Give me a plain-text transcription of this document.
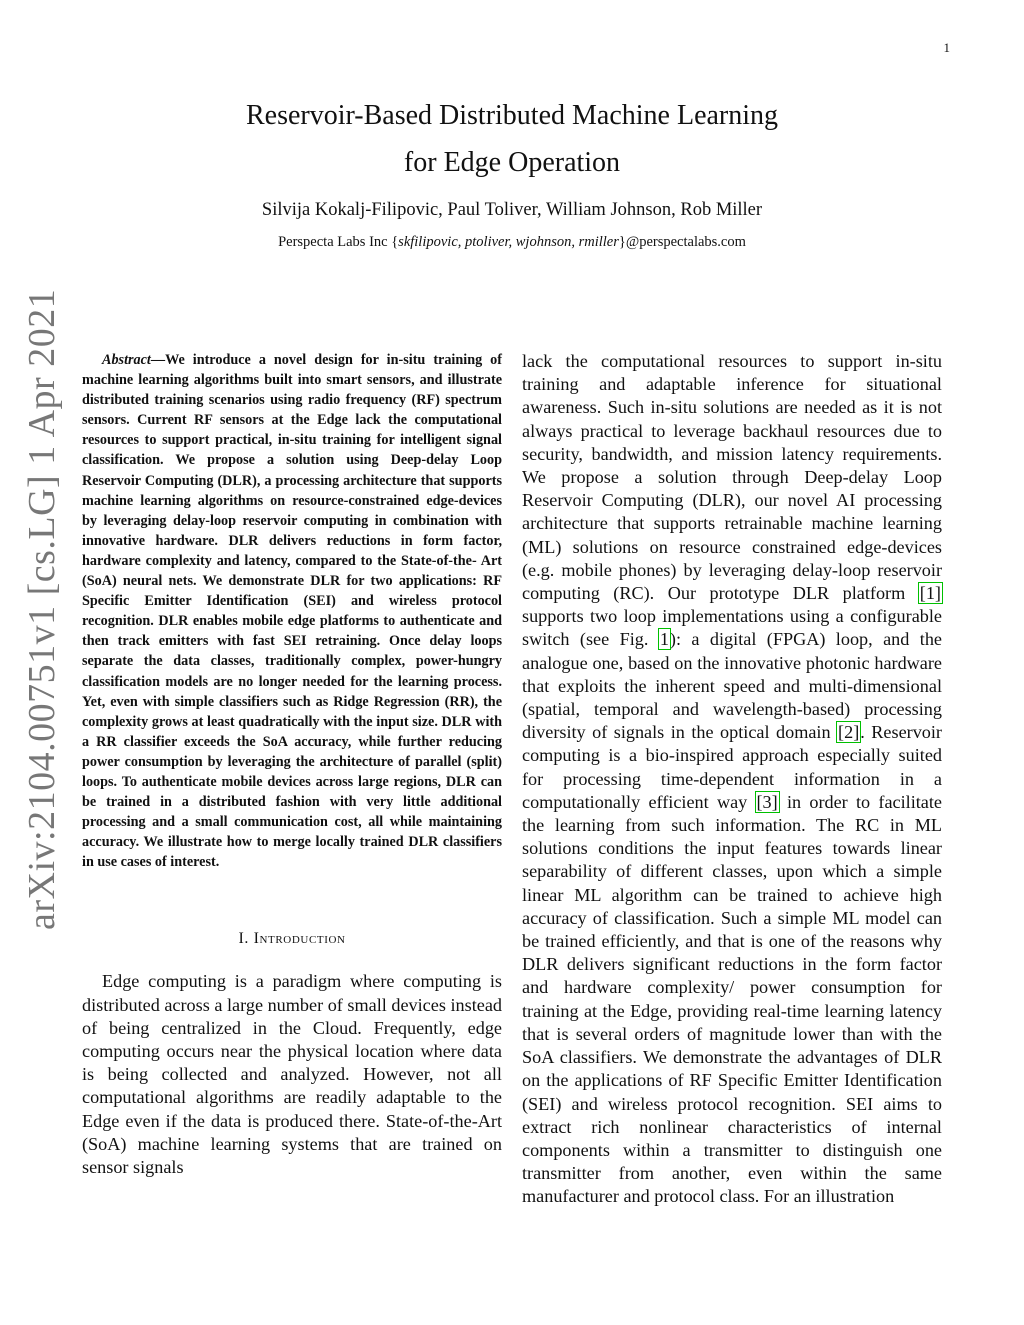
1
arXiv:2104.00751v1 [cs.LG] 1 Apr 2021
Reservoir-Based Distributed Machine Learning
for Edge Operation
Silvija Kokalj-Filipovic, Paul Toliver, William Johnson, Rob Miller
Perspecta Labs Inc {skfilipovic, ptoliver, wjohnson, rmiller}@perspectalabs.com

Abstract—We introduce a novel design for in-situ training of machine learning algorithms built into smart sensors, and illustrate distributed training scenarios using radio frequency (RF) spectrum sensors. Current RF sensors at the Edge lack the computational resources to support practical, in-situ training for intelligent signal classification. We propose a solution using Deep-delay Loop Reservoir Computing (DLR), a processing architecture that supports machine learning algorithms on resource-constrained edge-devices by leveraging delay-loop reservoir computing in combination with innovative hardware. DLR delivers reductions in form factor, hardware complexity and latency, compared to the State-of-the- Art (SoA) neural nets. We demonstrate DLR for two applications: RF Specific Emitter Identification (SEI) and wireless protocol recognition. DLR enables mobile edge platforms to authenticate and then track emitters with fast SEI retraining. Once delay loops separate the data classes, traditionally complex, power-hungry classification models are no longer needed for the learning process. Yet, even with simple classifiers such as Ridge Regression (RR), the complexity grows at least quadratically with the input size. DLR with a RR classifier exceeds the SoA accuracy, while further reducing power consumption by leveraging the architecture of parallel (split) loops. To authenticate mobile devices across large regions, DLR can be trained in a distributed fashion with very little additional processing and a small communication cost, all while maintaining accuracy. We illustrate how to merge locally trained DLR classifiers in use cases of interest.

I. Introduction

Edge computing is a paradigm where computing is distributed across a large number of small devices instead of being centralized in the Cloud. Frequently, edge computing occurs near the physical location where data is being collected and analyzed. However, not all computational algorithms are readily adaptable to the Edge even if the data is produced there. State-of-the-Art (SoA) machine learning systems that are trained on sensor signals

lack the computational resources to support in-situ training and adaptable inference for situational awareness. Such in-situ solutions are needed as it is not always practical to leverage backhaul resources due to security, bandwidth, and mission latency requirements. We propose a solution through Deep-delay Loop Reservoir Computing (DLR), our novel AI processing architecture that supports retrainable machine learning (ML) solutions on resource constrained edge-devices (e.g. mobile phones) by leveraging delay-loop reservoir computing (RC). Our prototype DLR platform [1] supports two loop implementations using a configurable switch (see Fig. 1): a digital (FPGA) loop, and the analogue one, based on the innovative photonic hardware that exploits the inherent speed and multi-dimensional (spatial, temporal and wavelength-based) processing diversity of signals in the optical domain [2]. Reservoir computing is a bio-inspired approach especially suited for processing time-dependent information in a computationally efficient way [3] in order to facilitate the learning from such information. The RC in ML solutions conditions the input features towards linear separability of different classes, upon which a simple linear ML algorithm can be trained to achieve high accuracy of classification. Such a simple ML model can be trained efficiently, and that is one of the reasons why DLR delivers significant reductions in the form factor and hardware complexity/ power consumption for training at the Edge, providing real-time learning latency that is several orders of magnitude lower than with the SoA classifiers. We demonstrate the advantages of DLR on the applications of RF Specific Emitter Identification (SEI) and wireless protocol recognition. SEI aims to extract rich nonlinear characteristics of internal components within a transmitter to distinguish one transmitter from another, even within the same manufacturer and protocol class. For an illustration
